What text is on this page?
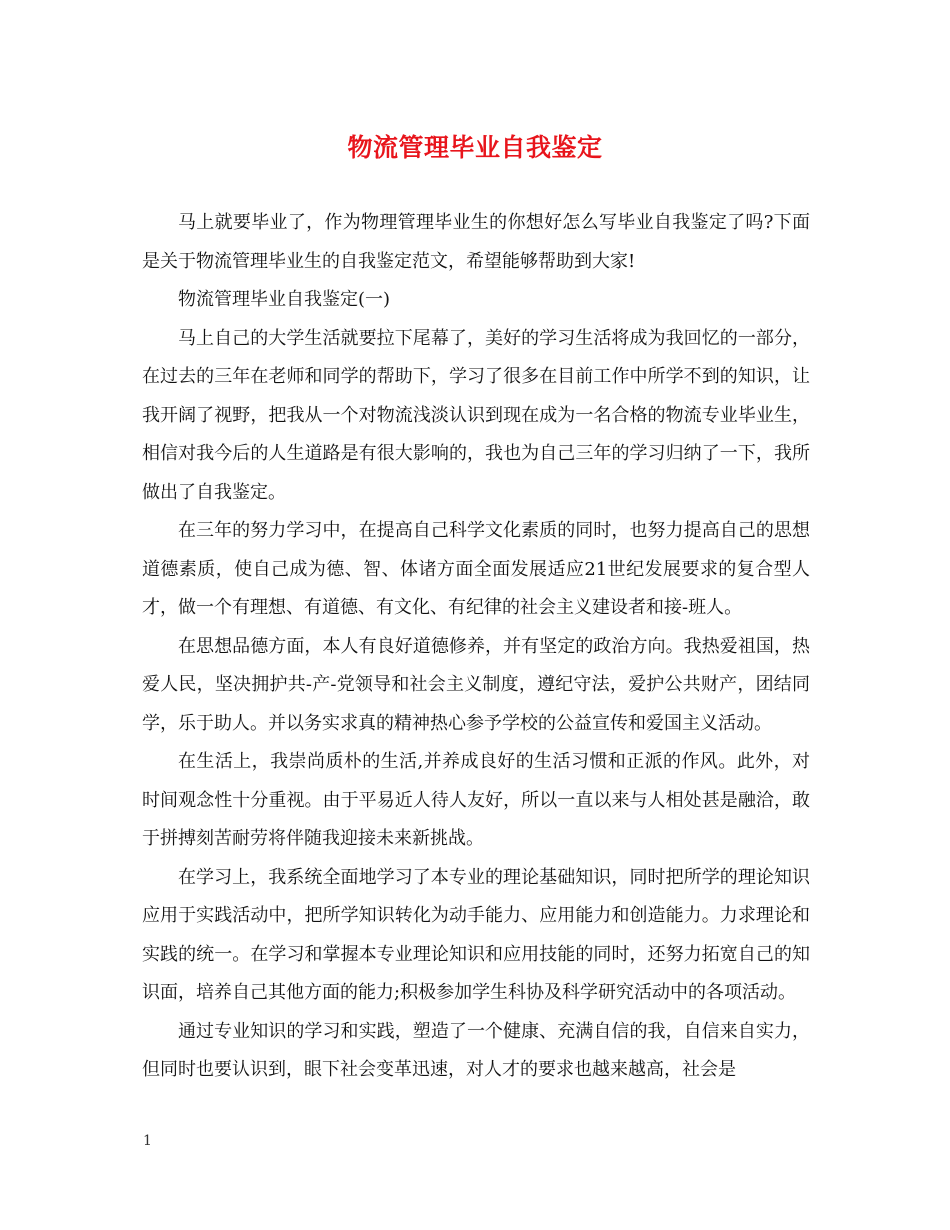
物流管理毕业自我鉴定

马上就要毕业了，作为物理管理毕业生的你想好怎么写毕业自我鉴定了吗?下面是关于物流管理毕业生的自我鉴定范文，希望能够帮助到大家!

物流管理毕业自我鉴定(一)

马上自己的大学生活就要拉下尾幕了，美好的学习生活将成为我回忆的一部分，在过去的三年在老师和同学的帮助下，学习了很多在目前工作中所学不到的知识，让我开阔了视野，把我从一个对物流浅淡认识到现在成为一名合格的物流专业毕业生，相信对我今后的人生道路是有很大影响的，我也为自己三年的学习归纳了一下，我所做出了自我鉴定。

在三年的努力学习中，在提高自己科学文化素质的同时，也努力提高自己的思想道德素质，使自己成为德、智、体诸方面全面发展适应21世纪发展要求的复合型人才，做一个有理想、有道德、有文化、有纪律的社会主义建设者和接-班人。

在思想品德方面，本人有良好道德修养，并有坚定的政治方向。我热爱祖国，热爱人民，坚决拥护共-产-党领导和社会主义制度，遵纪守法，爱护公共财产，团结同学，乐于助人。并以务实求真的精神热心参予学校的公益宣传和爱国主义活动。

在生活上，我崇尚质朴的生活,并养成良好的生活习惯和正派的作风。此外，对时间观念性十分重视。由于平易近人待人友好，所以一直以来与人相处甚是融洽，敢于拼搏刻苦耐劳将伴随我迎接未来新挑战。

在学习上，我系统全面地学习了本专业的理论基础知识，同时把所学的理论知识应用于实践活动中，把所学知识转化为动手能力、应用能力和创造能力。力求理论和实践的统一。在学习和掌握本专业理论知识和应用技能的同时，还努力拓宽自己的知识面，培养自己其他方面的能力;积极参加学生科协及科学研究活动中的各项活动。

通过专业知识的学习和实践，塑造了一个健康、充满自信的我，自信来自实力，但同时也要认识到，眼下社会变革迅速，对人才的要求也越来越高，社会是

1
